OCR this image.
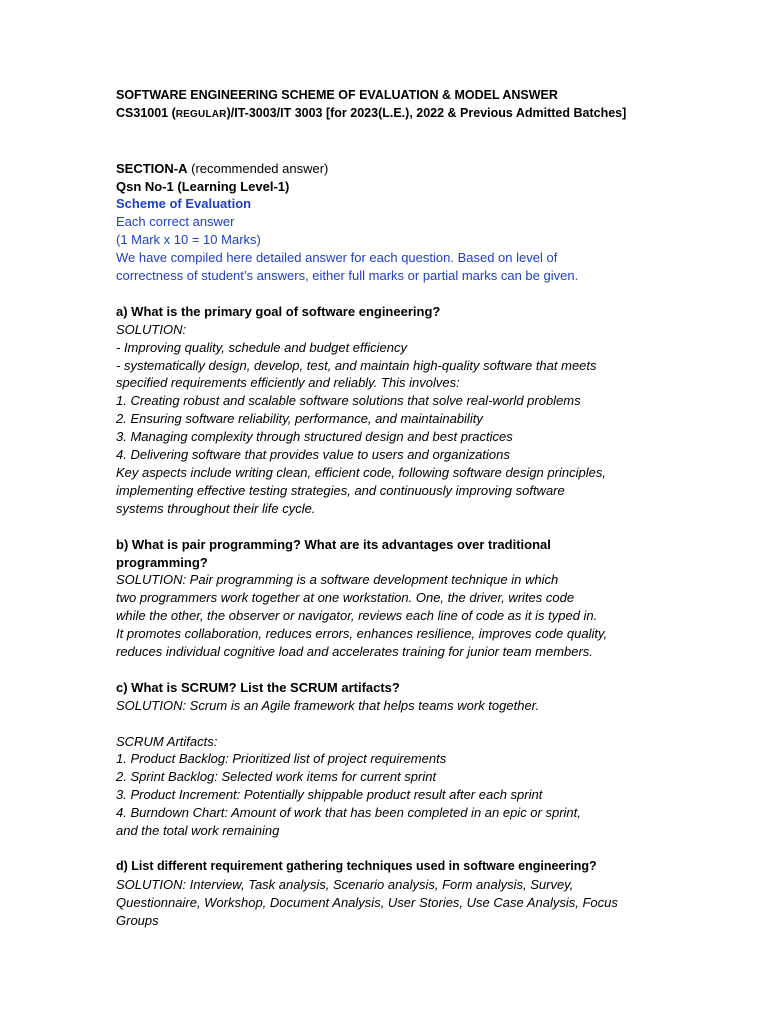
SOFTWARE ENGINEERING SCHEME OF EVALUATION & MODEL ANSWER
CS31001 (REGULAR)/IT-3003/IT 3003 [for 2023(L.E.), 2022 & Previous Admitted Batches]
SECTION-A (recommended answer)
Qsn No-1 (Learning Level-1)
Scheme of Evaluation
Each correct answer
(1 Mark x 10 = 10 Marks)
We have compiled here detailed answer for each question. Based on level of
correctness of student’s answers, either full marks or partial marks can be given.
a) What is the primary goal of software engineering?
SOLUTION:
- Improving quality, schedule and budget efficiency
- systematically design, develop, test, and maintain high-quality software that meets
specified requirements efficiently and reliably. This involves:
1. Creating robust and scalable software solutions that solve real-world problems
2. Ensuring software reliability, performance, and maintainability
3. Managing complexity through structured design and best practices
4. Delivering software that provides value to users and organizations
Key aspects include writing clean, efficient code, following software design principles,
implementing effective testing strategies, and continuously improving software
systems throughout their life cycle.
b) What is pair programming? What are its advantages over traditional
programming?
SOLUTION: Pair programming is a software development technique in which
two programmers work together at one workstation. One, the driver, writes code
while the other, the observer or navigator, reviews each line of code as it is typed in.
It promotes collaboration, reduces errors, enhances resilience, improves code quality,
reduces individual cognitive load and accelerates training for junior team members.
c) What is SCRUM? List the SCRUM artifacts?
SOLUTION: Scrum is an Agile framework that helps teams work together.
SCRUM Artifacts:
1. Product Backlog: Prioritized list of project requirements
2. Sprint Backlog: Selected work items for current sprint
3. Product Increment: Potentially shippable product result after each sprint
4. Burndown Chart: Amount of work that has been completed in an epic or sprint,
and the total work remaining
d) List different requirement gathering techniques used in software engineering?
SOLUTION: Interview, Task analysis, Scenario analysis, Form analysis, Survey,
Questionnaire, Workshop, Document Analysis, User Stories, Use Case Analysis, Focus
Groups
